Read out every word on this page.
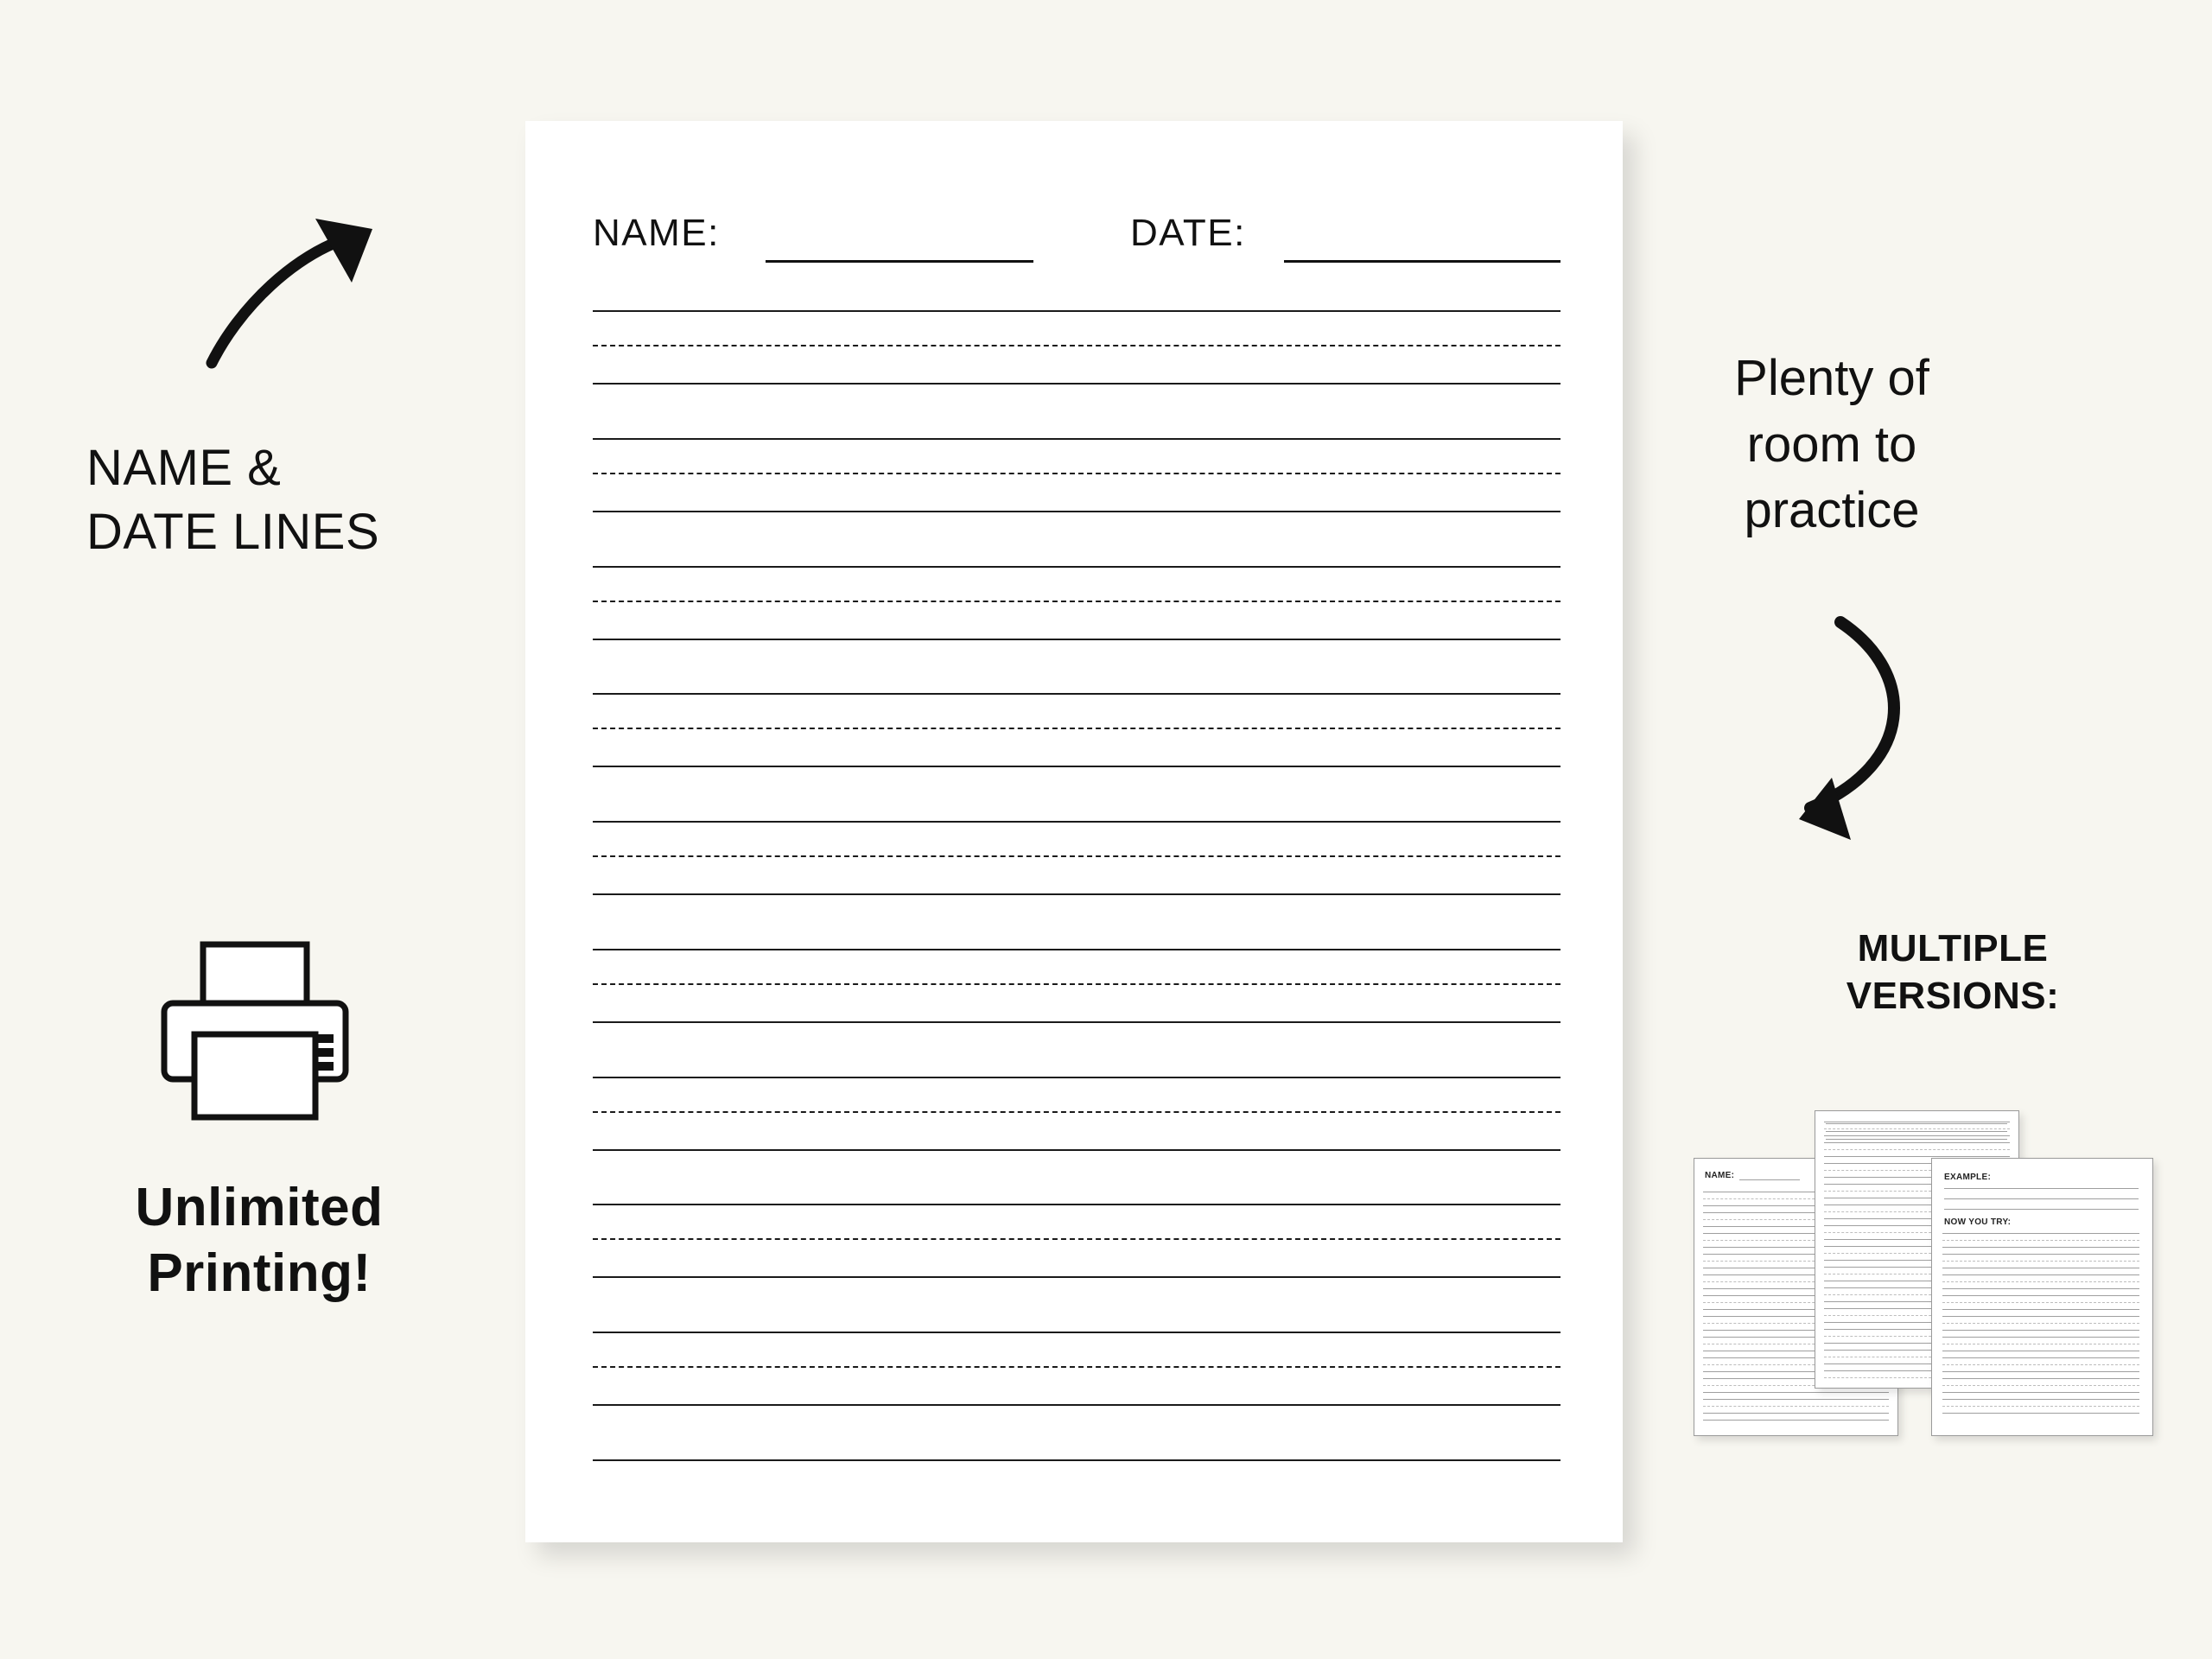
NAME &
DATE LINES
Unlimited
Printing!
NAME:	DATE:
Plenty of
room to
practice
MULTIPLE
VERSIONS:
NAME:	EXAMPLE:
NOW YOU TRY:
